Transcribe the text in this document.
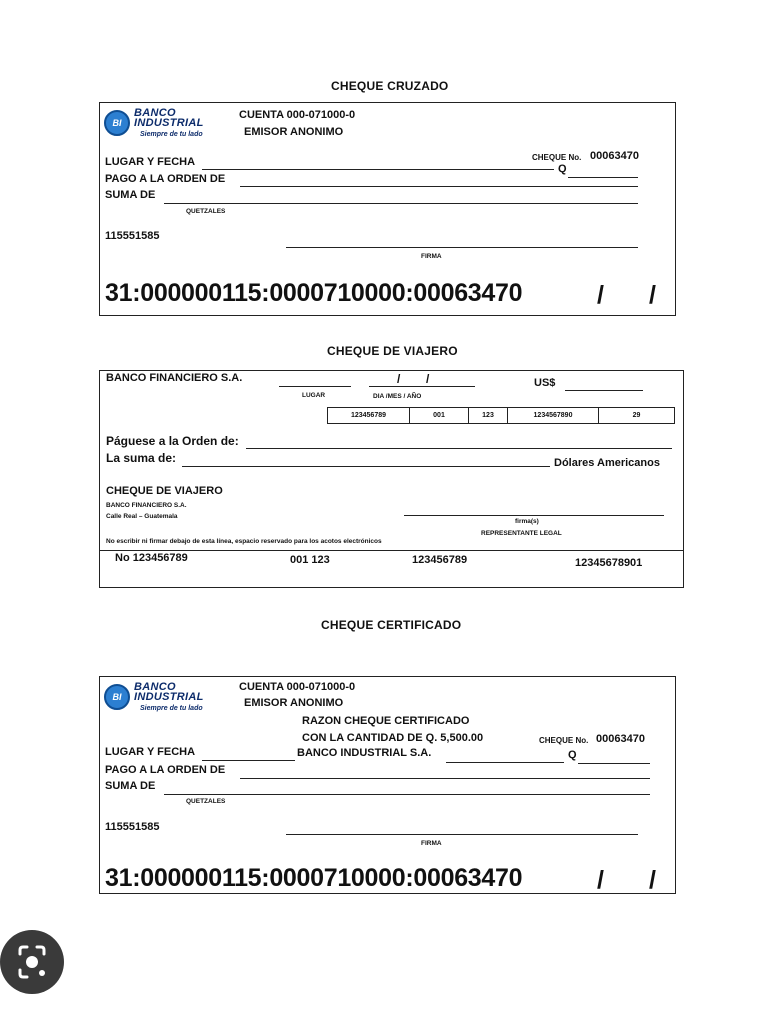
CHEQUE CRUZADO
BI
BANCO
INDUSTRIAL
Siempre de tu lado
CUENTA 000-071000-0
EMISOR ANONIMO
CHEQUE No. 00063470
LUGAR Y FECHA
Q
PAGO A LA ORDEN DE
SUMA DE
QUETZALES
115551585
FIRMA
31:000000115:0000710000:00063470	/ /
CHEQUE DE VIAJERO
BANCO FINANCIERO S.A.	/ /	US$
LUGAR	DIA /MES / AÑO
123456789	001	123	1234567890	29
Páguese a la Orden de:
La suma de:	Dólares Americanos
CHEQUE DE VIAJERO
BANCO FINANCIERO S.A.
Calle Real – Guatemala
firma(s)
REPRESENTANTE LEGAL
No escribir ni firmar debajo de esta línea, espacio reservado para los acotos electrónicos
No 123456789	001 123	123456789	12345678901
CHEQUE CERTIFICADO
BI
BANCO
INDUSTRIAL
Siempre de tu lado
CUENTA 000-071000-0
EMISOR ANONIMO
RAZON CHEQUE CERTIFICADO
CON LA CANTIDAD DE Q. 5,500.00	CHEQUE No. 00063470
LUGAR Y FECHA	BANCO INDUSTRIAL S.A.	Q
PAGO A LA ORDEN DE
SUMA DE
QUETZALES
115551585
FIRMA
31:000000115:0000710000:00063470	/ /
